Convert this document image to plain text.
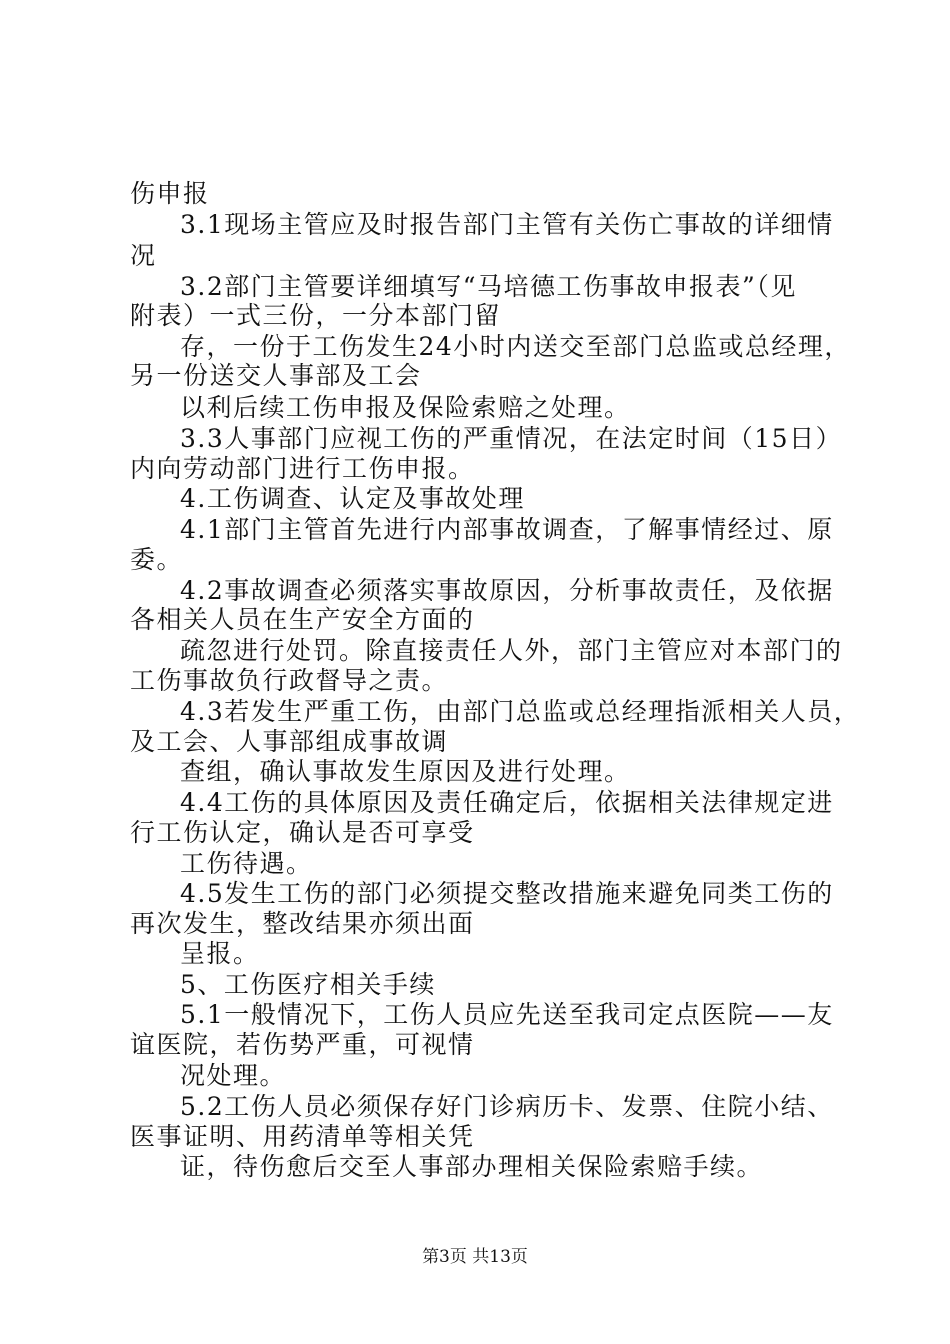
伤申报
3.1现场主管应及时报告部门主管有关伤亡事故的详细情
况
3.2部门主管要详细填写“马培德工伤事故申报表”（见
附表）一式三份，一分本部门留
存，一份于工伤发生24小时内送交至部门总监或总经理，
另一份送交人事部及工会
以利后续工伤申报及保险索赔之处理。
3.3人事部门应视工伤的严重情况，在法定时间（15日）
内向劳动部门进行工伤申报。
4.工伤调查、认定及事故处理
4.1部门主管首先进行内部事故调查，了解事情经过、原
委。
4.2事故调查必须落实事故原因，分析事故责任，及依据
各相关人员在生产安全方面的
疏忽进行处罚。除直接责任人外，部门主管应对本部门的
工伤事故负行政督导之责。
4.3若发生严重工伤，由部门总监或总经理指派相关人员，
及工会、人事部组成事故调
查组，确认事故发生原因及进行处理。
4.4工伤的具体原因及责任确定后，依据相关法律规定进
行工伤认定，确认是否可享受
工伤待遇。
4.5发生工伤的部门必须提交整改措施来避免同类工伤的
再次发生，整改结果亦须出面
呈报。
5、工伤医疗相关手续
5.1一般情况下，工伤人员应先送至我司定点医院——友
谊医院，若伤势严重，可视情
况处理。
5.2工伤人员必须保存好门诊病历卡、发票、住院小结、
医事证明、用药清单等相关凭
证，待伤愈后交至人事部办理相关保险索赔手续。
第3页 共13页
